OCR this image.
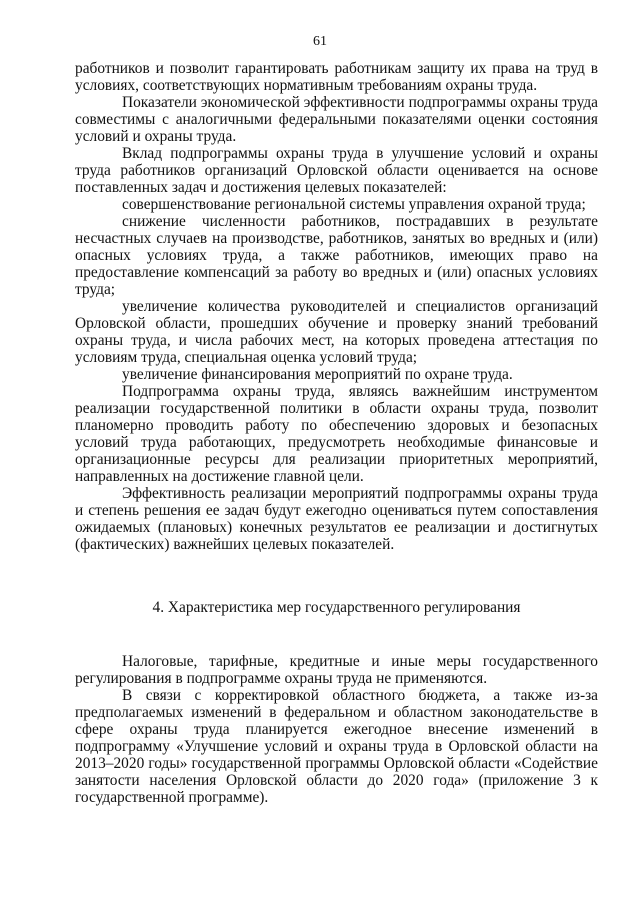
61

работников и позволит гарантировать работникам защиту их права на труд в условиях, соответствующих нормативным требованиям охраны труда.

Показатели экономической эффективности подпрограммы охраны труда совместимы с аналогичными федеральными показателями оценки состояния условий и охраны труда.

Вклад подпрограммы охраны труда в улучшение условий и охраны труда работников организаций Орловской области оценивается на основе поставленных задач и достижения целевых показателей:

совершенствование региональной системы управления охраной труда;

снижение численности работников, пострадавших в результате несчастных случаев на производстве, работников, занятых во вредных и (или) опасных условиях труда, а также работников, имеющих право на предоставление компенсаций за работу во вредных и (или) опасных условиях труда;

увеличение количества руководителей и специалистов организаций Орловской области, прошедших обучение и проверку знаний требований охраны труда, и числа рабочих мест, на которых проведена аттестация по условиям труда, специальная оценка условий труда;

увеличение финансирования мероприятий по охране труда.

Подпрограмма охраны труда, являясь важнейшим инструментом реализации государственной политики в области охраны труда, позволит планомерно проводить работу по обеспечению здоровых и безопасных условий труда работающих, предусмотреть необходимые финансовые и организационные ресурсы для реализации приоритетных мероприятий, направленных на достижение главной цели.

Эффективность реализации мероприятий подпрограммы охраны труда и степень решения ее задач будут ежегодно оцениваться путем сопоставления ожидаемых (плановых) конечных результатов ее реализации и достигнутых (фактических) важнейших целевых показателей.

4. Характеристика мер государственного регулирования

Налоговые, тарифные, кредитные и иные меры государственного регулирования в подпрограмме охраны труда не применяются.

В связи с корректировкой областного бюджета, а также из-за предполагаемых изменений в федеральном и областном законодательстве в сфере охраны труда планируется ежегодное внесение изменений в подпрограмму «Улучшение условий и охраны труда в Орловской области на 2013–2020 годы» государственной программы Орловской области «Содействие занятости населения Орловской области до 2020 года» (приложение 3 к государственной программе).
